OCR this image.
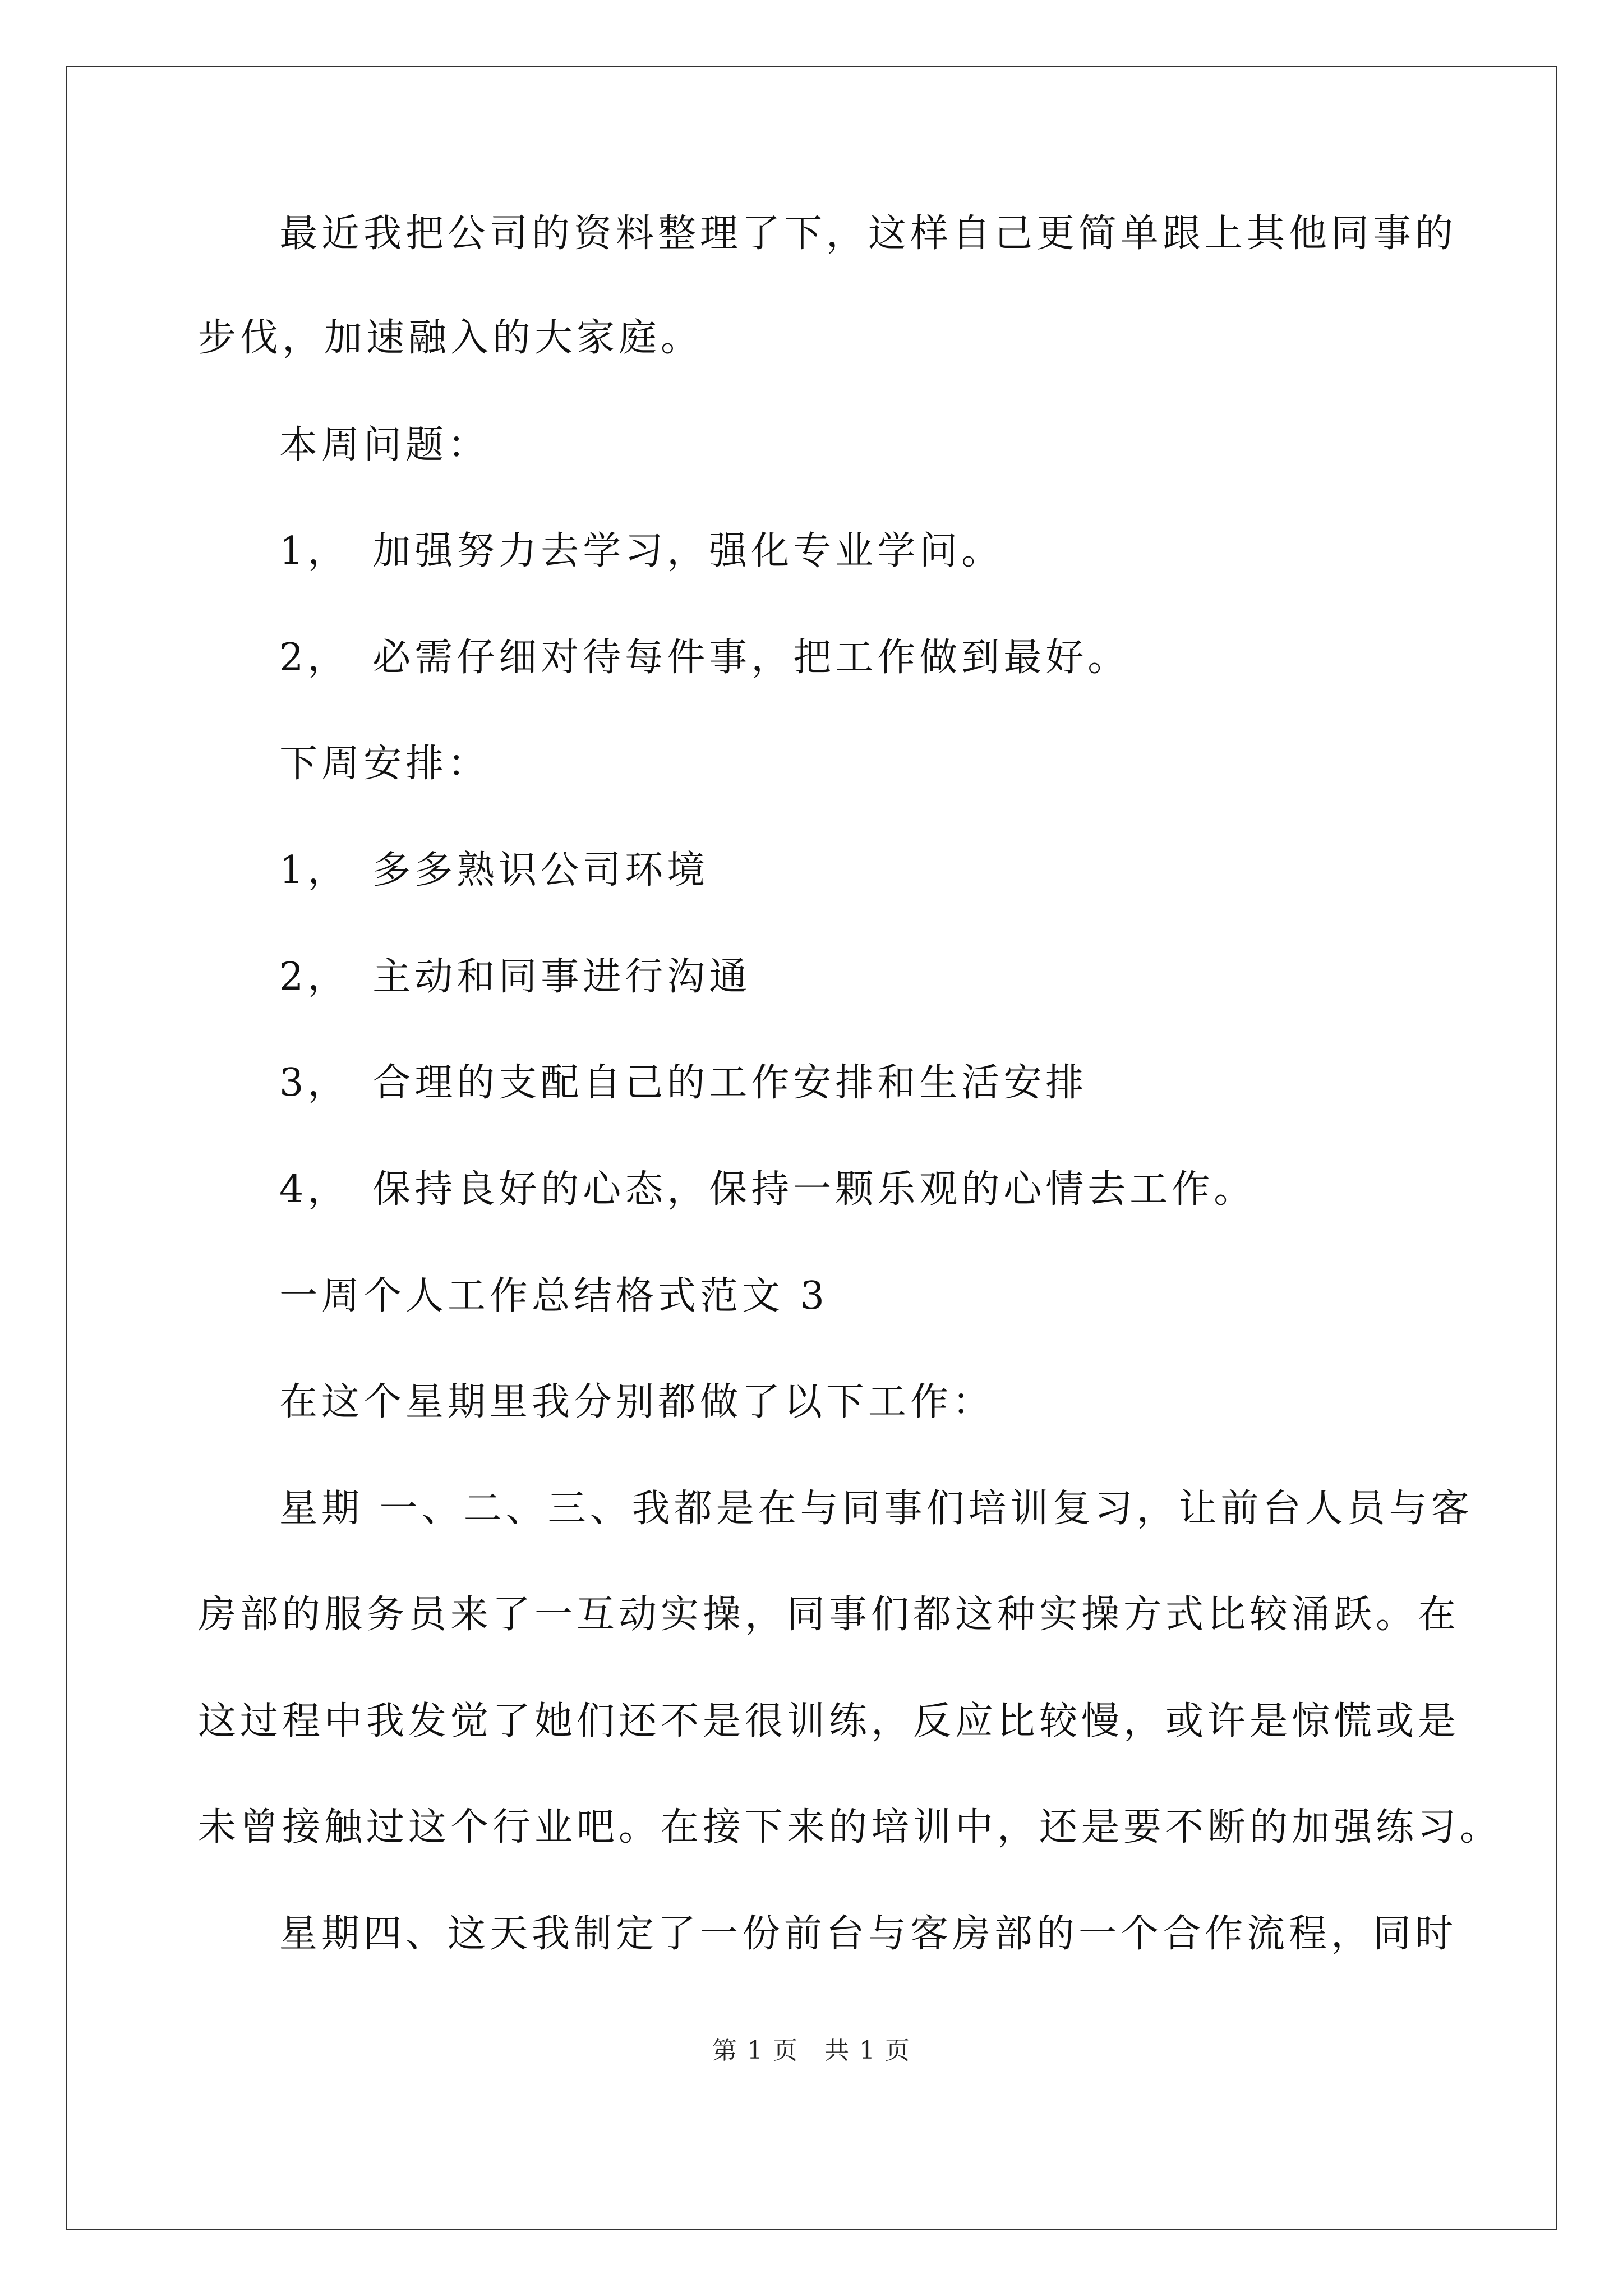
最近我把公司的资料整理了下，这样自己更简单跟上其他同事的
步伐，加速融入的大家庭。
本周问题：
1，　加强努力去学习，强化专业学问。
2，　必需仔细对待每件事，把工作做到最好。
下周安排：
1，　多多熟识公司环境
2，　主动和同事进行沟通
3，　合理的支配自己的工作安排和生活安排
4，　保持良好的心态，保持一颗乐观的心情去工作。
一周个人工作总结格式范文 3
在这个星期里我分别都做了以下工作：
星期 一、二、三、我都是在与同事们培训复习，让前台人员与客
房部的服务员来了一互动实操，同事们都这种实操方式比较涌跃。在
这过程中我发觉了她们还不是很训练，反应比较慢，或许是惊慌或是
未曾接触过这个行业吧。在接下来的培训中，还是要不断的加强练习。
星期四、这天我制定了一份前台与客房部的一个合作流程，同时
第 1 页　共 1 页
